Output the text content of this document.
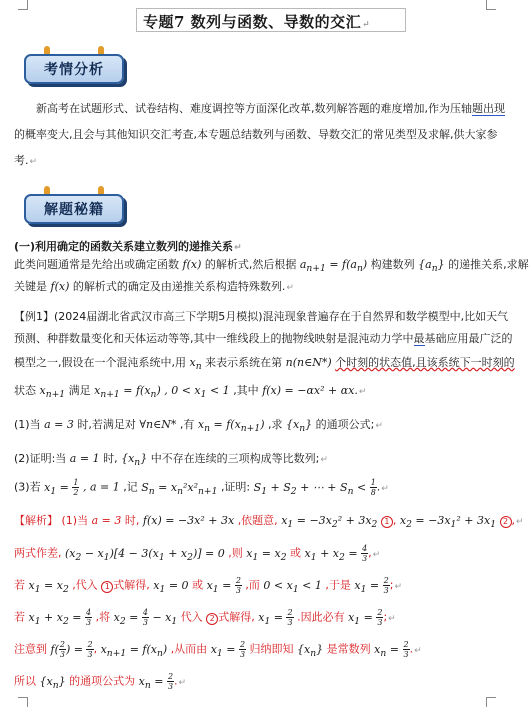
专题7 数列与函数、导数的交汇↵
考情分析
新高考在试题形式、试卷结构、难度调控等方面深化改革,数列解答题的难度增加,作为压轴题出现
的概率变大,且会与其他知识交汇考查,本专题总结数列与函数、导数交汇的常见类型及求解,供大家参
考.↵
解题秘籍
(一)利用确定的函数关系建立数列的递推关系↵
此类问题通常是先给出或确定函数 f(x) 的解析式,然后根据 $a_{n+1} = f(a_n)$ 构建数列 $\{a_n\}$ 的递推关系,求解
关键是 f(x) 的解析式的确定及由递推关系构造特殊数列.↵
【例1】(2024届湖北省武汉市高三下学期5月模拟)混沌现象普遍存在于自然界和数学模型中,比如天气
预测、种群数量变化和天体运动等等,其中一维线段上的抛物线映射是混沌动力学中最基础应用最广泛的
模型之一,假设在一个混沌系统中,用 $x_n$ 来表示系统在第 n(n∈N*) 个时刻的状态值,且该系统下一时刻的
状态 $x_{n+1}$ 满足 $x_{n+1} = f(x_n)$ , $0 < x_1 < 1$ ,其中 f(x) = −αx² + αx.↵
(1)当 a = 3 时,若满足对 ∀n∈N* ,有 $x_n = f(x_{n+1})$ ,求 $\{x_n\}$ 的通项公式;↵
(2)证明:当 a = 1 时, $\{x_n\}$ 中不存在连续的三项构成等比数列;↵
(3)若 $x_1 = \frac{1}{2}$ , a = 1 ,记 $S_n = x_n^2x^2_{n+1}$ ,证明: $S_1 + S_2$ + ⋯ + $S_n < \frac{1}{8}$ .↵
【解析】 (1)当 a = 3 时, f(x) = −3x² + 3x ,依题意, $x_1 = -3x_2^2 + 3x_2$ 1 , $x_2 = -3x_1^2 + 3x_1$ 2 ,↵
两式作差, $(x_2 - x_1)[4 - 3(x_1 + x_2)] = 0$ ,则 $x_1 = x_2$ 或 $x_1 + x_2 = \frac{4}{3}$ ,↵
若 $x_1 = x_2$ ,代入 1 式解得, $x_1 = 0$ 或 $x_1 = \frac{2}{3}$ ,而 $0 < x_1 < 1$ ,于是 $x_1 = \frac{2}{3}$ ;↵
若 $x_1 + x_2 = \frac{4}{3}$ ,将 $x_2 = \frac{4}{3} - x_1$ 代入 2 式解得, $x_1 = \frac{2}{3}$ .因此必有 $x_1 = \frac{2}{3}$ ;↵
注意到 $f( \frac{2}{3}$ ) = $\frac{2}{3}$ , $x_{n+1} = f(x_n)$ ,从而由 $x_1 = \frac{2}{3}$ 归纳即知 $\{x_n\}$ 是常数列 $x_n = \frac{2}{3}$ .↵
所以 $\{x_n\}$ 的通项公式为 $x_n = \frac{2}{3}$ .↵
